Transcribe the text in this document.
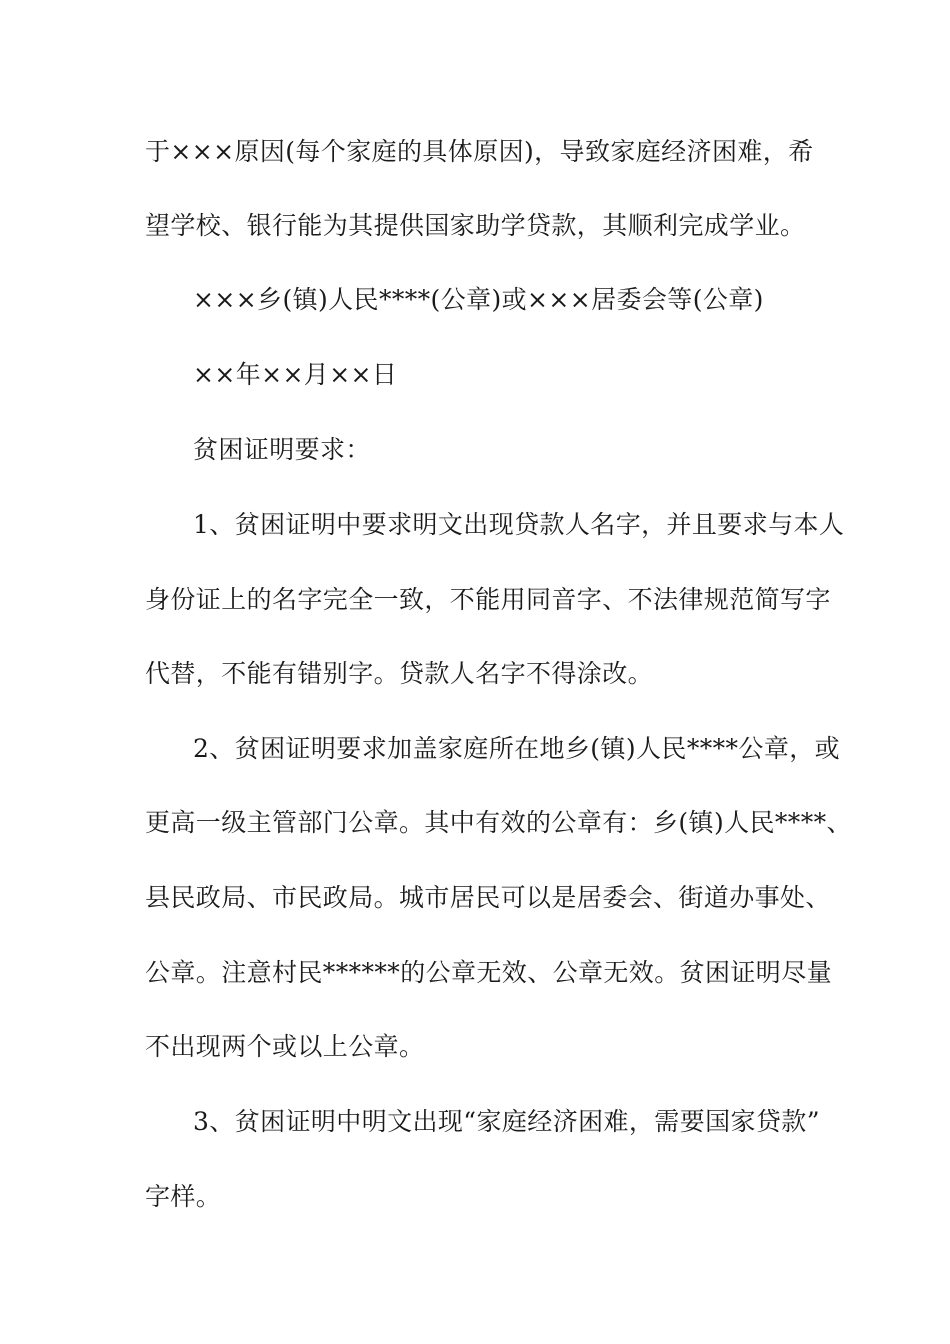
于×××原因(每个家庭的具体原因)，导致家庭经济困难，希
望学校、银行能为其提供国家助学贷款，其顺利完成学业。
×××乡(镇)人民****(公章)或×××居委会等(公章)
××年××月××日
贫困证明要求：
1、贫困证明中要求明文出现贷款人名字，并且要求与本人
身份证上的名字完全一致，不能用同音字、不法律规范简写字
代替，不能有错别字。贷款人名字不得涂改。
2、贫困证明要求加盖家庭所在地乡(镇)人民****公章，或
更高一级主管部门公章。其中有效的公章有：乡(镇)人民****、
县民政局、市民政局。城市居民可以是居委会、街道办事处、
公章。注意村民******的公章无效、公章无效。贫困证明尽量
不出现两个或以上公章。
3、贫困证明中明文出现“家庭经济困难，需要国家贷款”
字样。
